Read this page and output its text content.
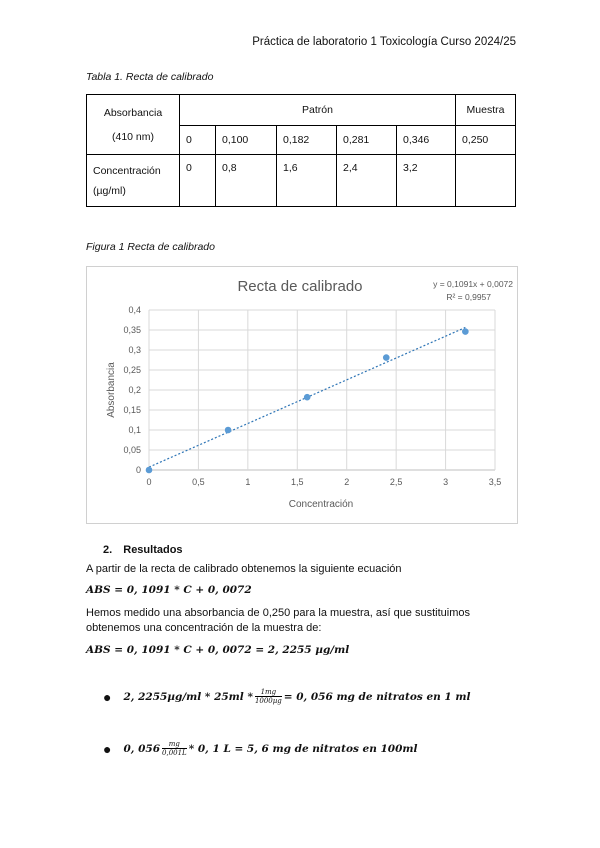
Práctica de laboratorio 1 Toxicología Curso 2024/25
Tabla 1. Recta de calibrado
Absorbancia
(410 nm)	Patrón					Muestra
	0	0,100	0,182	0,281	0,346	0,250

Concentración
(µg/ml)	0	0,8	1,6	2,4	3,2	
Figura 1 Recta de calibrado
0
0,05
0,1
0,15
0,2
0,25
0,3
0,35
0,4
0	0,5	1	1,5	2	2,5	3	3,5
Recta de calibrado	y = 0,1091x + 0,0072
R² = 0,9957
Concentración
Absorbancia
2. Resultados
A partir de la recta de calibrado obtenemos la siguiente ecuación
ABS = 0, 1091 * C + 0, 0072
Hemos medido una absorbancia de 0,250 para la muestra, así que sustituimos
obtenemos una concentración de la muestra de:
ABS = 0, 1091 * C + 0, 0072 = 2, 2255 µg/ml
● 2, $2255\mu g/ml * 25ml * \frac{1mg}{\text{1000µg}} = 0$, 056 mg de nitratos en 1 ml
● 0, $056 \frac{mg}{0,001L} * 0$, 1 L = 5, 6 mg de nitratos en 100ml
